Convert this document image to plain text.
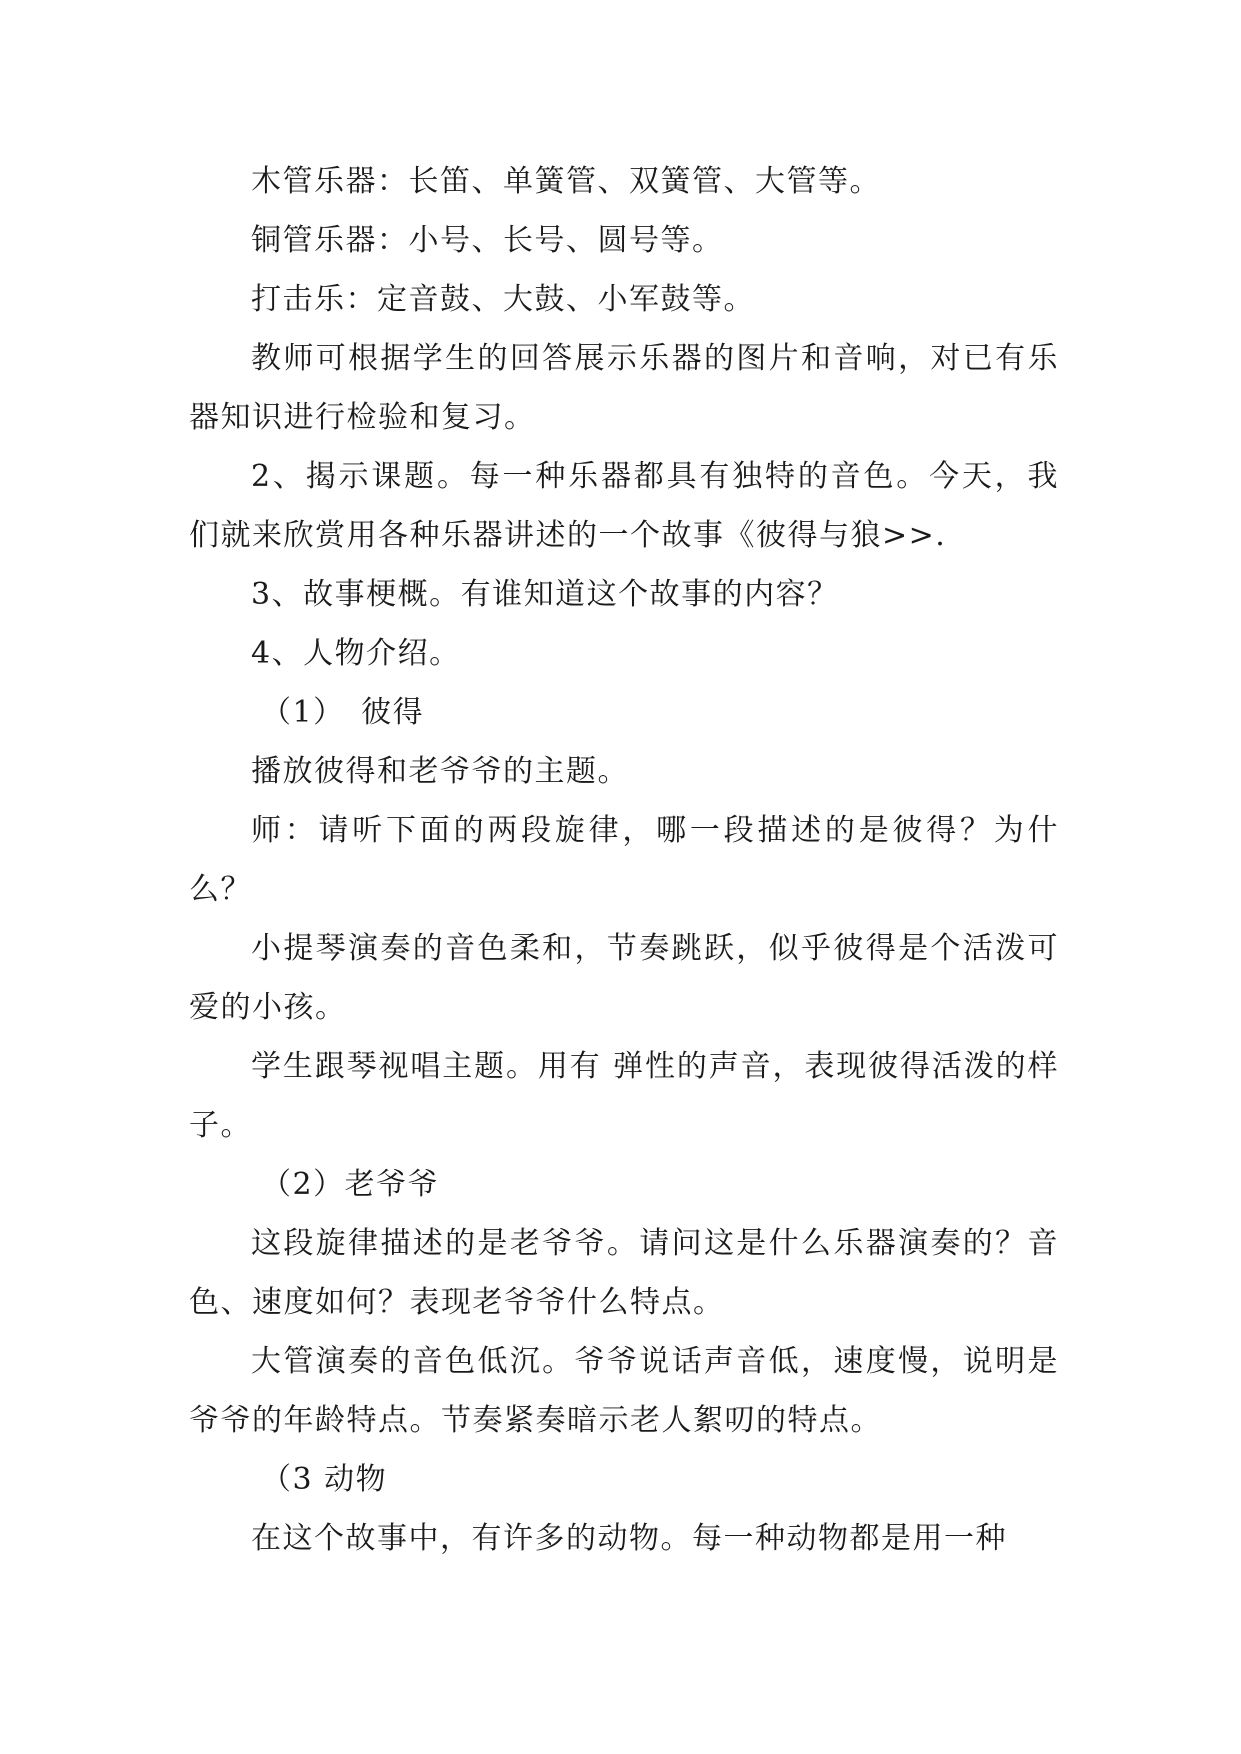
木管乐器：长笛、单簧管、双簧管、大管等。

铜管乐器：小号、长号、圆号等。

打击乐：定音鼓、大鼓、小军鼓等。

教师可根据学生的回答展示乐器的图片和音响，对已有乐器知识进行检验和复习。

2、揭示课题。每一种乐器都具有独特的音色。今天，我们就来欣赏用各种乐器讲述的一个故事《彼得与狼>>.

3、故事梗概。有谁知道这个故事的内容？

4、人物介绍。

（1）　彼得

播放彼得和老爷爷的主题。

师：请听下面的两段旋律，哪一段描述的是彼得？为什么？

小提琴演奏的音色柔和，节奏跳跃，似乎彼得是个活泼可爱的小孩。

学生跟琴视唱主题。用有 弹性的声音，表现彼得活泼的样子。

（2）老爷爷

这段旋律描述的是老爷爷。请问这是什么乐器演奏的？音色、速度如何？表现老爷爷什么特点。

大管演奏的音色低沉。爷爷说话声音低，速度慢，说明是爷爷的年龄特点。节奏紧奏暗示老人絮叨的特点。

（3 动物

在这个故事中，有许多的动物。每一种动物都是用一种
